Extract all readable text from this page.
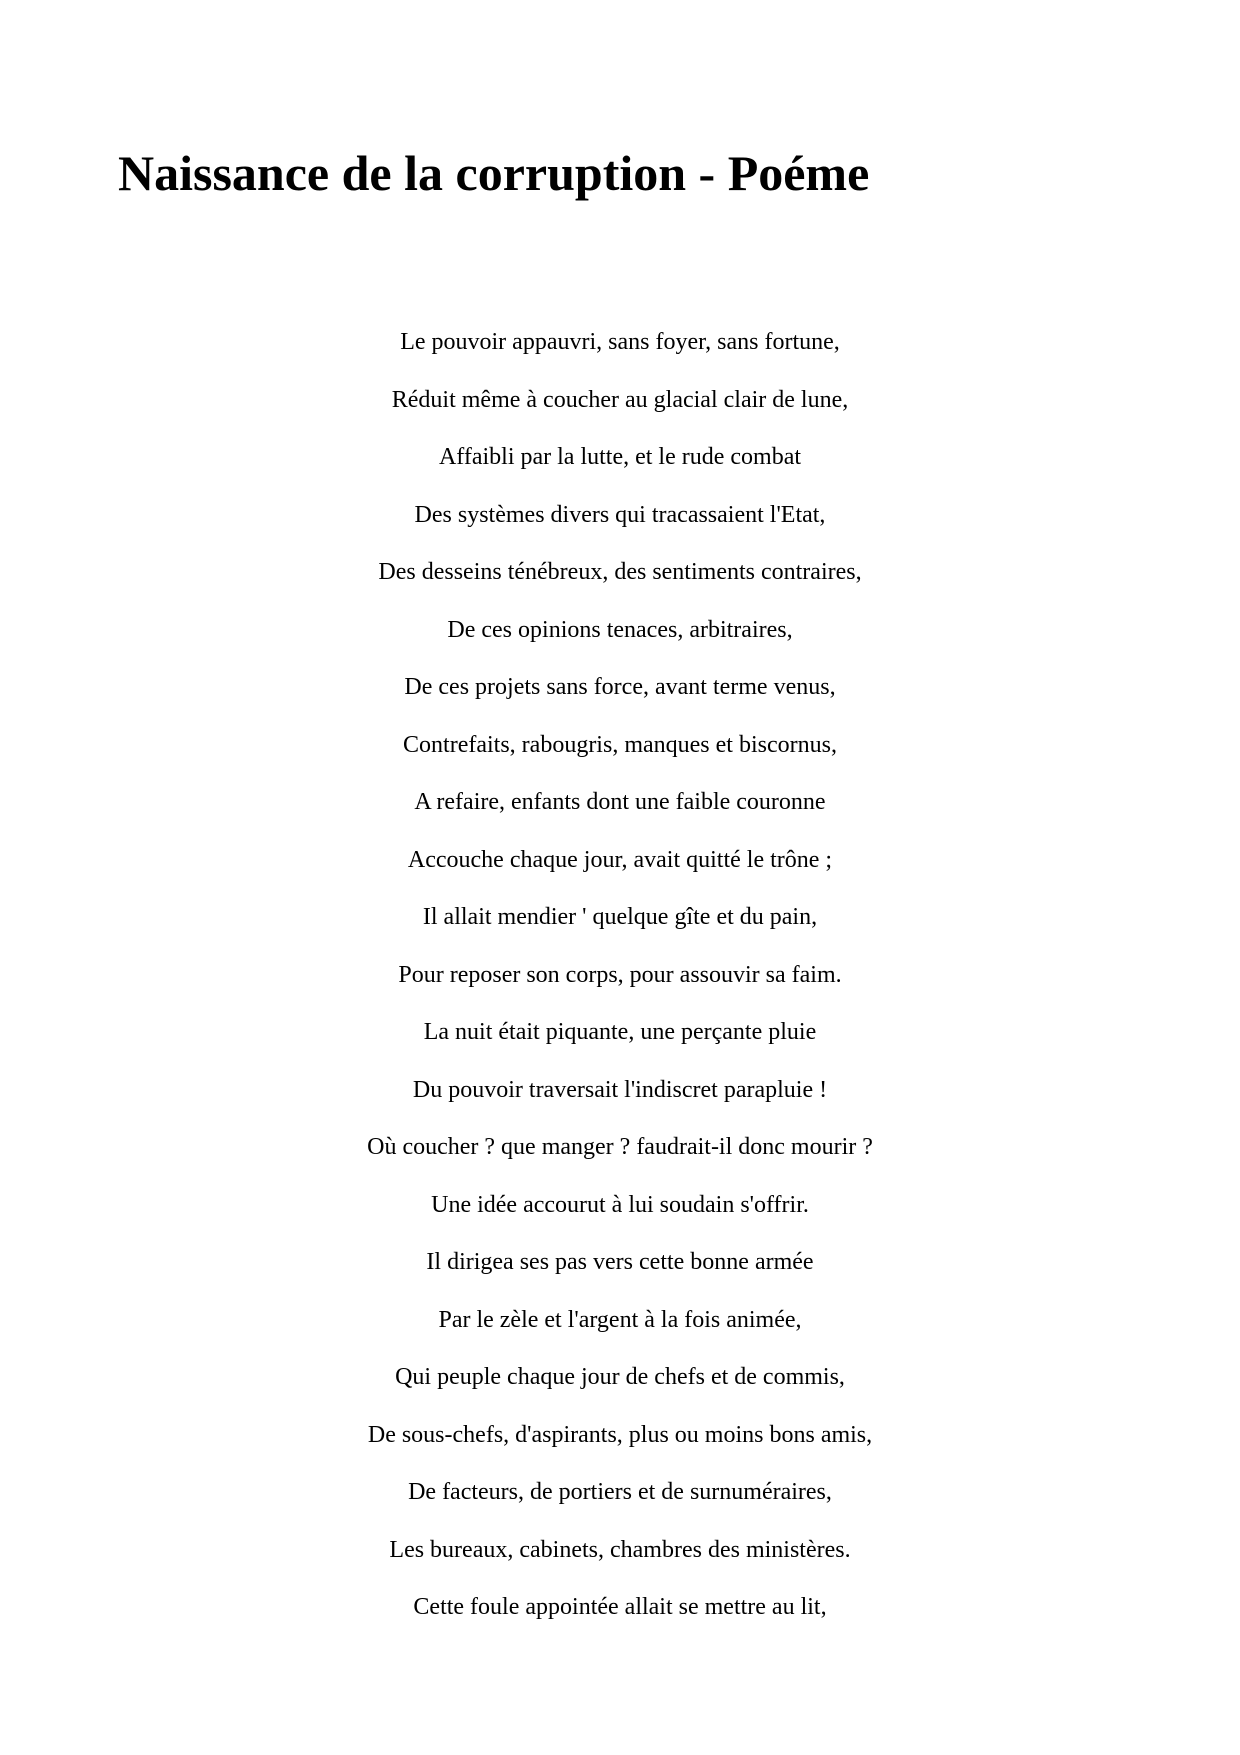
Naissance de la corruption - Poéme
Le pouvoir appauvri, sans foyer, sans fortune,
Réduit même à coucher au glacial clair de lune,
Affaibli par la lutte, et le rude combat
Des systèmes divers qui tracassaient l'Etat,
Des desseins ténébreux, des sentiments contraires,
De ces opinions tenaces, arbitraires,
De ces projets sans force, avant terme venus,
Contrefaits, rabougris, manques et biscornus,
A refaire, enfants dont une faible couronne
Accouche chaque jour, avait quitté le trône ;
Il allait mendier ' quelque gîte et du pain,
Pour reposer son corps, pour assouvir sa faim.
La nuit était piquante, une perçante pluie
Du pouvoir traversait l'indiscret parapluie !
Où coucher ? que manger ? faudrait-il donc mourir ?
Une idée accourut à lui soudain s'offrir.
Il dirigea ses pas vers cette bonne armée
Par le zèle et l'argent à la fois animée,
Qui peuple chaque jour de chefs et de commis,
De sous-chefs, d'aspirants, plus ou moins bons amis,
De facteurs, de portiers et de surnuméraires,
Les bureaux, cabinets, chambres des ministères.
Cette foule appointée allait se mettre au lit,
